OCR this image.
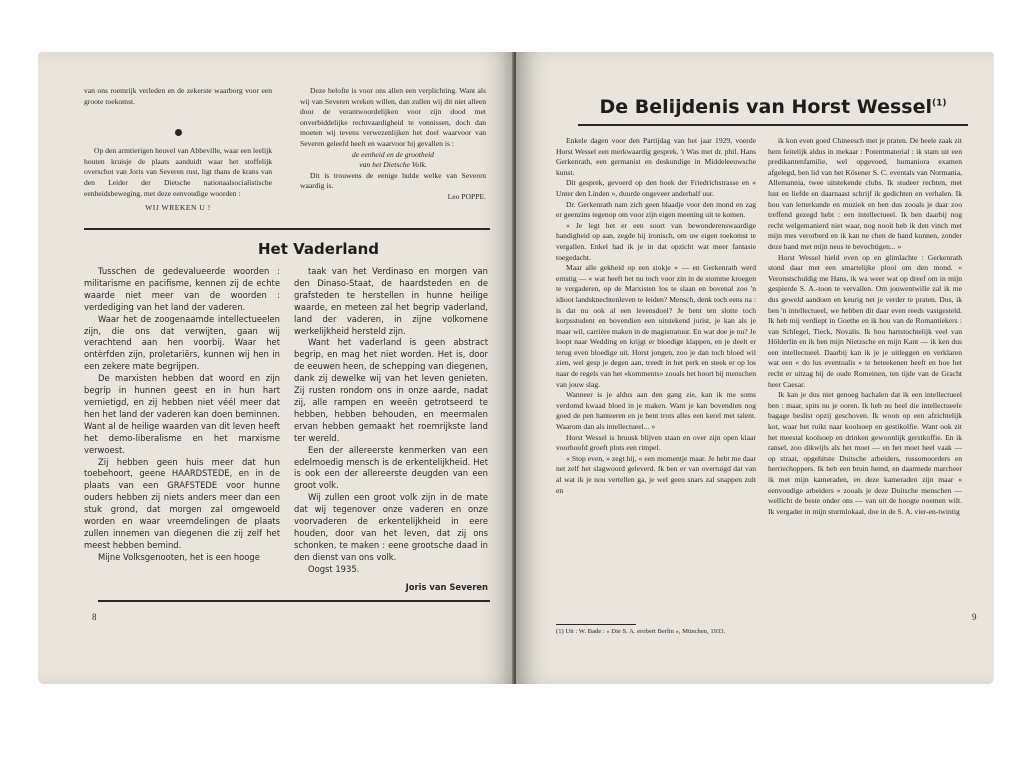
van ons roemrijk verleden en de zekerste waarborg voor een groote toekomst.
Op den armtierigen heuvel van Abbeville, waar een leelijk houten kruisje de plaats aanduidt waar het stoffelijk overschot van Joris van Severen rust, ligt thans de krans van den Leider der Dietsche nationaalsocialistische eenheidsbeweging, met deze eenvoudige woorden :
WIJ WREKEN U !
Deze belofte is voor ons allen een verplichting. Want als wij van Severen wreken willen, dan zullen wij dit niet alleen door de verantwoordelijken voor zijn dood met onverbiddelijke rechtvaardigheid te vonnissen, doch dan moeten wij tevens verwezenlijken het doel waarvoor van Severen geleefd heeft en waarvoor hij gevallen is :
de eenheid en de grootheid
van het Dietsche Volk.
Dit is trouwens de eenige hulde welke van Severen waardig is.
Leo POPPE.
Het Vaderland

Tusschen de gedevalueerde woorden : militarisme en pacifisme, kennen zij de echte waarde niet meer van de woorden : verdediging van het land der vaderen.

Waar het de zoogenaamde intellectueelen zijn, die ons dat verwijten, gaan wij verachtend aan hen voorbij. Waar het ontèrfden zijn, proletariërs, kunnen wij hen in een zekere mate begrijpen.

De marxisten hebben dat woord en zijn begrip in hunnen geest en in hun hart vernietigd, en zij hebben niet véél meer dat hen het land der vaderen kan doen beminnen. Want al de heilige waarden van dit leven heeft het demo-liberalisme en het marxisme verwoest.

Zij hebben geen huis meer dat hun toebehoort, geene HAARDSTEDE, en in de plaats van een GRAFSTEDE voor hunne ouders hebben zij niets anders meer dan een stuk grond, dat morgen zal omgewoeld worden en waar vreemdelingen de plaats zullen innemen van diegenen die zij zelf het meest hebben bemind.

Mijne Volksgenooten, het is een hooge

taak van het Verdinaso en morgen van den Dinaso-Staat, de haardsteden en de grafsteden te herstellen in hunne heilige waarde, en meteen zal het begrip vaderland, land der vaderen, in zijne volkomene werkelijkheid hersteld zijn.

Want het vaderland is geen abstract begrip, en mag het niet worden. Het is, door de eeuwen heen, de schepping van diegenen, dank zij dewelke wij van het leven genieten. Zij rusten rondom ons in onze aarde, nadat zij, alle rampen en weeën getrotseerd te hebben, hebben behouden, en meermalen ervan hebben gemaakt het roemrijkste land ter wereld.

Een der allereerste kenmerken van een edelmoedig mensch is de erkentelijkheid. Het is ook een der allereerste deugden van een groot volk.

Wij zullen een groot volk zijn in de mate dat wij tegenover onze vaderen en onze voorvaderen de erkentelijkheid in eere houden, door van het leven, dat zij ons schonken, te maken : eene grootsche daad in den dienst van ons volk.

Oogst 1935.

Joris van Severen
8
De Belijdenis van Horst Wessel$^{(1)}$

Enkele dagen voor den Partijdag van het jaar 1929, voerde Horst Wessel een merkwaardig gesprek. 't Was met dr. phil. Hans Gerkenrath, een germanist en deskundige in Middeleeuwsche kunst.

Dit gesprek, gevoerd op den hoek der Friedrichstrasse en « Unter den Linden », duurde ongeveer anderhalf uur.

Dr. Gerkenrath nam zich geen blaadje voor den mond en zag er geenzins tegenop om voor zijn eigen meening uit te komen.

« Je legt het er een soort van bewonderenswaardige handigheid op aan, zegde hij ironisch, om uw eigen toekomst te vergallen. Enkel had ik je in dat opzicht wat meer fantasie toegedacht.

Maar alle gekheid op een stokje » — en Gerkenrath werd ernstig — « wat heeft het nu toch voor zin in de stomme kroegen te vergaderen, op de Marxisten los te slaan en bovenal zoo 'n idioot landsknechtenleven te leiden? Mensch, denk toch eens na : is dat nu ook al een levensdoel? Je bent ten slotte toch korpsstudent en bovendien een uitstekend jurist, je kan als je maar wil, carrière maken in de magistratuur. En wat doe je nu? Je loopt naar Wedding en krijgt er bloedige klappen, en je deelt er terug even bloedige uit. Horst jongen, zoo je dan toch bloed wil zien, wel gesp je degen aan, treedt in het perk en steek er op los naar de regels van het «komments» zooals het hoort bij menschen van jouw slag.

Wanneer is je aldus aan den gang zie, kan ik me soms verdomd kwaad bloed in je maken. Want je kan bovendien nog goed de pen hanteeren en je bent trots alles een kerel met talent. Waarom dan als intellectueel... »

Horst Wessel is bruusk blijven staan en over zijn open klaar voorhoofd groeft plots een rimpel.

« Stop even, » zegt hij, « een momentje maar. Je hebt me daar net zelf het slagwoord geleverd. Ik ben er van overtuigd dat van al wat ik je nou vertellen ga, je wel geen snars zal snappen zult en

(1) Uit : W. Bade : « Die S. A. erobert Berlin », München, 1933.

ik kon even goed Chineesch met je praten. De heele zaak zit hem feitelijk aldus in mekaar : Potentmaterial : ik stam uit een predikantenfamilie, wel opgevoed, humaniora examen afgelegd, ben lid van het Kösener S. C. eventals van Normania, Allemannia, twee uitstekende clubs. Ik studeer rechten, met lust en liefde en daarnaast schrijf ik gedichten en verhalen. Ik hou van letterkunde en muziek en ben dus zooals je daar zoo treffend gezegd hebt : een intellectueel. Ik ben daarbij nog recht welgemanierd niet waar, nog nooit heb ik den vinch met mijn mes verorberd en ik kan ne chen de hand kunnen, zonder deze hand met mijn neus te bevochtigen... »

Horst Wessel hield even op en glimlachte : Gerkenrath stond daar met een smartelijke plooi om den mond. « Veronstschuldig me Hans, ik wa weer wat op dreef om in mijn gespierde S. A.-toon te vervallen. Om jouwentwille zal ik me dus geweld aandoen en keurig net je verder te praten. Dus, ik ben 'n intellectueel, we hebben dit daar even reeds vastgesteld. Ik heb mij verdiept in Goethe en ik hou van de Romantiekers : van Schlegel, Tieck, Novalis. Ik hou hartstochtelijk veel van Hölderlin en ik ben mijn Nietzsche en mijn Kant — ik ken dus een intellectueel. Daarbij kan ik je je uitleggen en verklaren wat een « do lus eventualis » te beteekenen heeft en hoe het recht er uitzag bij de oude Romeinen, ten tijde van de Gracht heer Caesar.

Ik kan je dus niet genoeg hachalen dat ik een intellectueel ben : maar, spits nu je ooren. Ik heb nu heel die intellectueele bagage beslist opzij geschoven. Ik woon op een afzichtelijk kot, waar het ruikt naar koolsoep en gestikolfie. Want ook zit het meestal koolsoep en drinken gewoonlijk gerstkoffie. En ik ransel, zoo dikwijls als het moet — en het moet heel vaak — op straat, opgehitste Duitsche arbeiders, russomoorders en herriechoppers. Ik heb een bruin hemd, en daarmede marcheer ik met mijn kameraden, en deze kameraden zijn maar « eenvoudige arbeiders » zooals je deze Duitsche menschen — wellicht de beste onder ons — van uit de hoogte noemen wilt. Ik vergader in mijn sturmlokaal, doe in de S. A. vier-en-twintig

9
